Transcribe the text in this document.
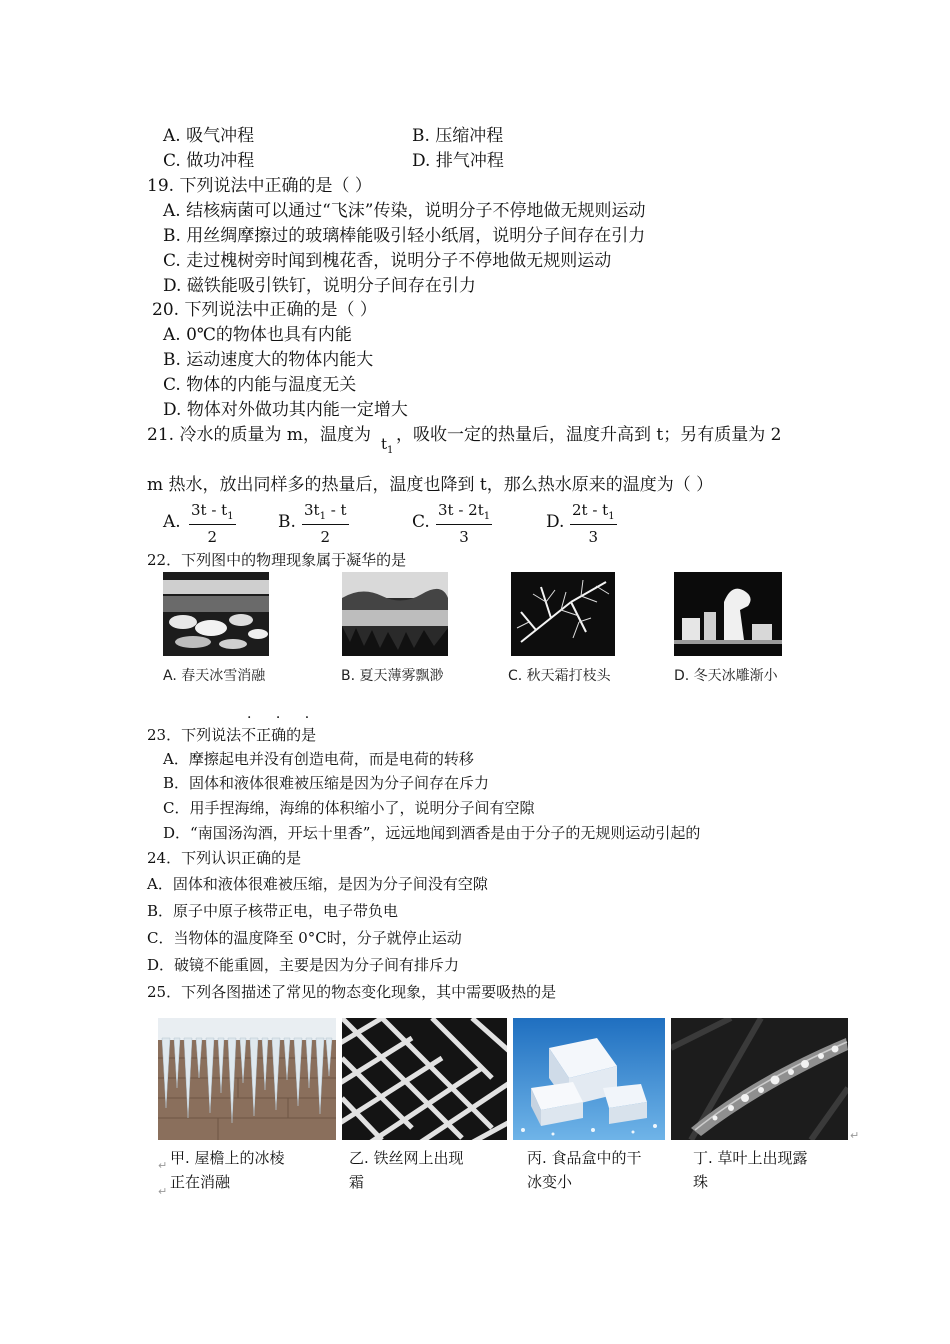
A. 吸气冲程	B. 压缩冲程
C. 做功冲程	D. 排气冲程
19. 下列说法中正确的是（ ）
A. 结核病菌可以通过“飞沫”传染，说明分子不停地做无规则运动
B. 用丝绸摩擦过的玻璃棒能吸引轻小纸屑，说明分子间存在引力
C. 走过槐树旁时闻到槐花香，说明分子不停地做无规则运动
D. 磁铁能吸引铁钉，说明分子间存在引力
20. 下列说法中正确的是（ ）
A. 0℃的物体也具有内能
B. 运动速度大的物体内能大
C. 物体的内能与温度无关
D. 物体对外做功其内能一定增大
21. 冷水的质量为 m，温度为 $t_1$
，吸收一定的热量后，温度升高到 t；另有质量为 2
m 热水，放出同样多的热量后，温度也降到 t，那么热水原来的温度为（ ）
A. $\frac{3t - t_1}{2} B$. $\frac{3t_1 - t}{2}$	C. $\frac{3t - 2t_1}{3}$	D. $\frac{2t - t_1}{3}$
22．下列图中的物理现象属于凝华的是
A. 春天冰雪消融	B. 夏天薄雾飘渺	C. 秋天霜打枝头	D. 冬天冰雕渐小
· · ·
23．下列说法不正确的是
A．摩擦起电并没有创造电荷，而是电荷的转移
B．固体和液体很难被压缩是因为分子间存在斥力
C．用手捏海绵，海绵的体积缩小了，说明分子间有空隙
D．“南国汤沟酒，开坛十里香”，远远地闻到酒香是由于分子的无规则运动引起的
24．下列认识正确的是
A．固体和液体很难被压缩，是因为分子间没有空隙
B．原子中原子核带正电，电子带负电
C．当物体的温度降至 0°C时，分子就停止运动
D．破镜不能重圆，主要是因为分子间有排斥力
25．下列各图描述了常见的物态变化现象，其中需要吸热的是
↵
甲. 屋檐上的冰棱
正在消融
乙. 铁丝网上出现
霜
丙. 食品盒中的干
冰变小
丁. 草叶上出现露
珠
↵
↵
